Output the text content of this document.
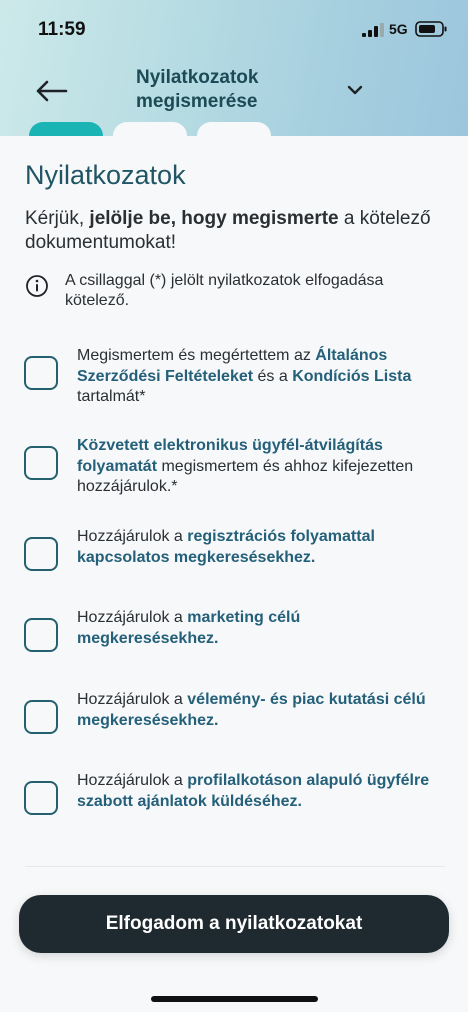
11:59	5G
Nyilatkozatok megismerése
Nyilatkozatok

Kérjük, jelölje be, hogy megismerte a kötelező dokumentumokat!

A csillaggal (*) jelölt nyilatkozatok elfogadása kötelező.
Megismertem és megértettem az Általános Szerződési Feltételeket és a Kondíciós Lista tartalmát*
Közvetett elektronikus ügyfél-átvilágítás folyamatát megismertem és ahhoz kifejezetten hozzájárulok.*
Hozzájárulok a regisztrációs folyamattal kapcsolatos megkeresésekhez.
Hozzájárulok a marketing célú megkeresésekhez.
Hozzájárulok a vélemény- és piac kutatási célú megkeresésekhez.
Hozzájárulok a profilalkotáson alapuló ügyfélre szabott ajánlatok küldéséhez.
Elfogadom a nyilatkozatokat
